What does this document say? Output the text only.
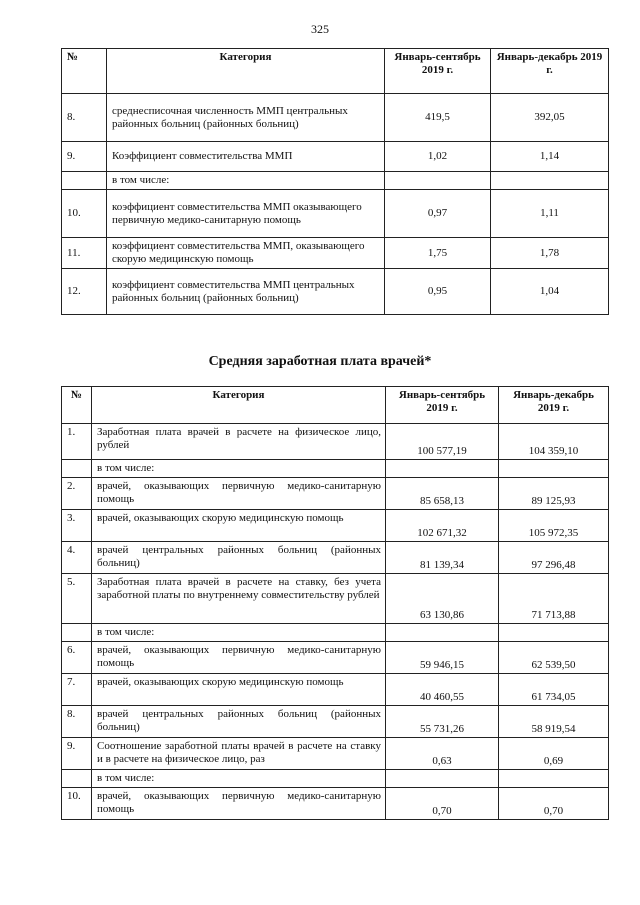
325
№	Категория	Январь-сентябрь 2019 г.	Январь-декабрь 2019 г.
8.	среднесписочная численность ММП центральных районных больниц (районных больниц)	419,5	392,05
9.	Коэффициент совместительства ММП	1,02	1,14
	в том числе:		
10.	коэффициент совместительства ММП оказывающего первичную медико-санитарную помощь	0,97	1,11
11.	коэффициент совместительства ММП, оказывающего скорую медицинскую помощь	1,75	1,78
12.	коэффициент совместительства ММП центральных районных больниц (районных больниц)	0,95	1,04
Средняя заработная плата врачей*
№	Категория	Январь-сентябрь 2019 г.	Январь-декабрь 2019 г.
1.	Заработная плата врачей в расчете на физическое лицо, рублей	100 577,19	104 359,10
	в том числе:		
2.	врачей, оказывающих первичную медико-санитарную помощь	85 658,13	89 125,93
3.	врачей, оказывающих скорую медицинскую помощь	102 671,32	105 972,35
4.	врачей центральных районных больниц (районных больниц)	81 139,34	97 296,48
5.	Заработная плата врачей в расчете на ставку, без учета заработной платы по внутреннему совместительству рублей	63 130,86	71 713,88
	в том числе:		
6.	врачей, оказывающих первичную медико-санитарную помощь	59 946,15	62 539,50
7.	врачей, оказывающих скорую медицинскую помощь	40 460,55	61 734,05
8.	врачей центральных районных больниц (районных больниц)	55 731,26	58 919,54
9.	Соотношение заработной платы врачей в расчете на ставку и в расчете на физическое лицо, раз	0,63	0,69
	в том числе:		
10.	врачей, оказывающих первичную медико-санитарную помощь	0,70	0,70
